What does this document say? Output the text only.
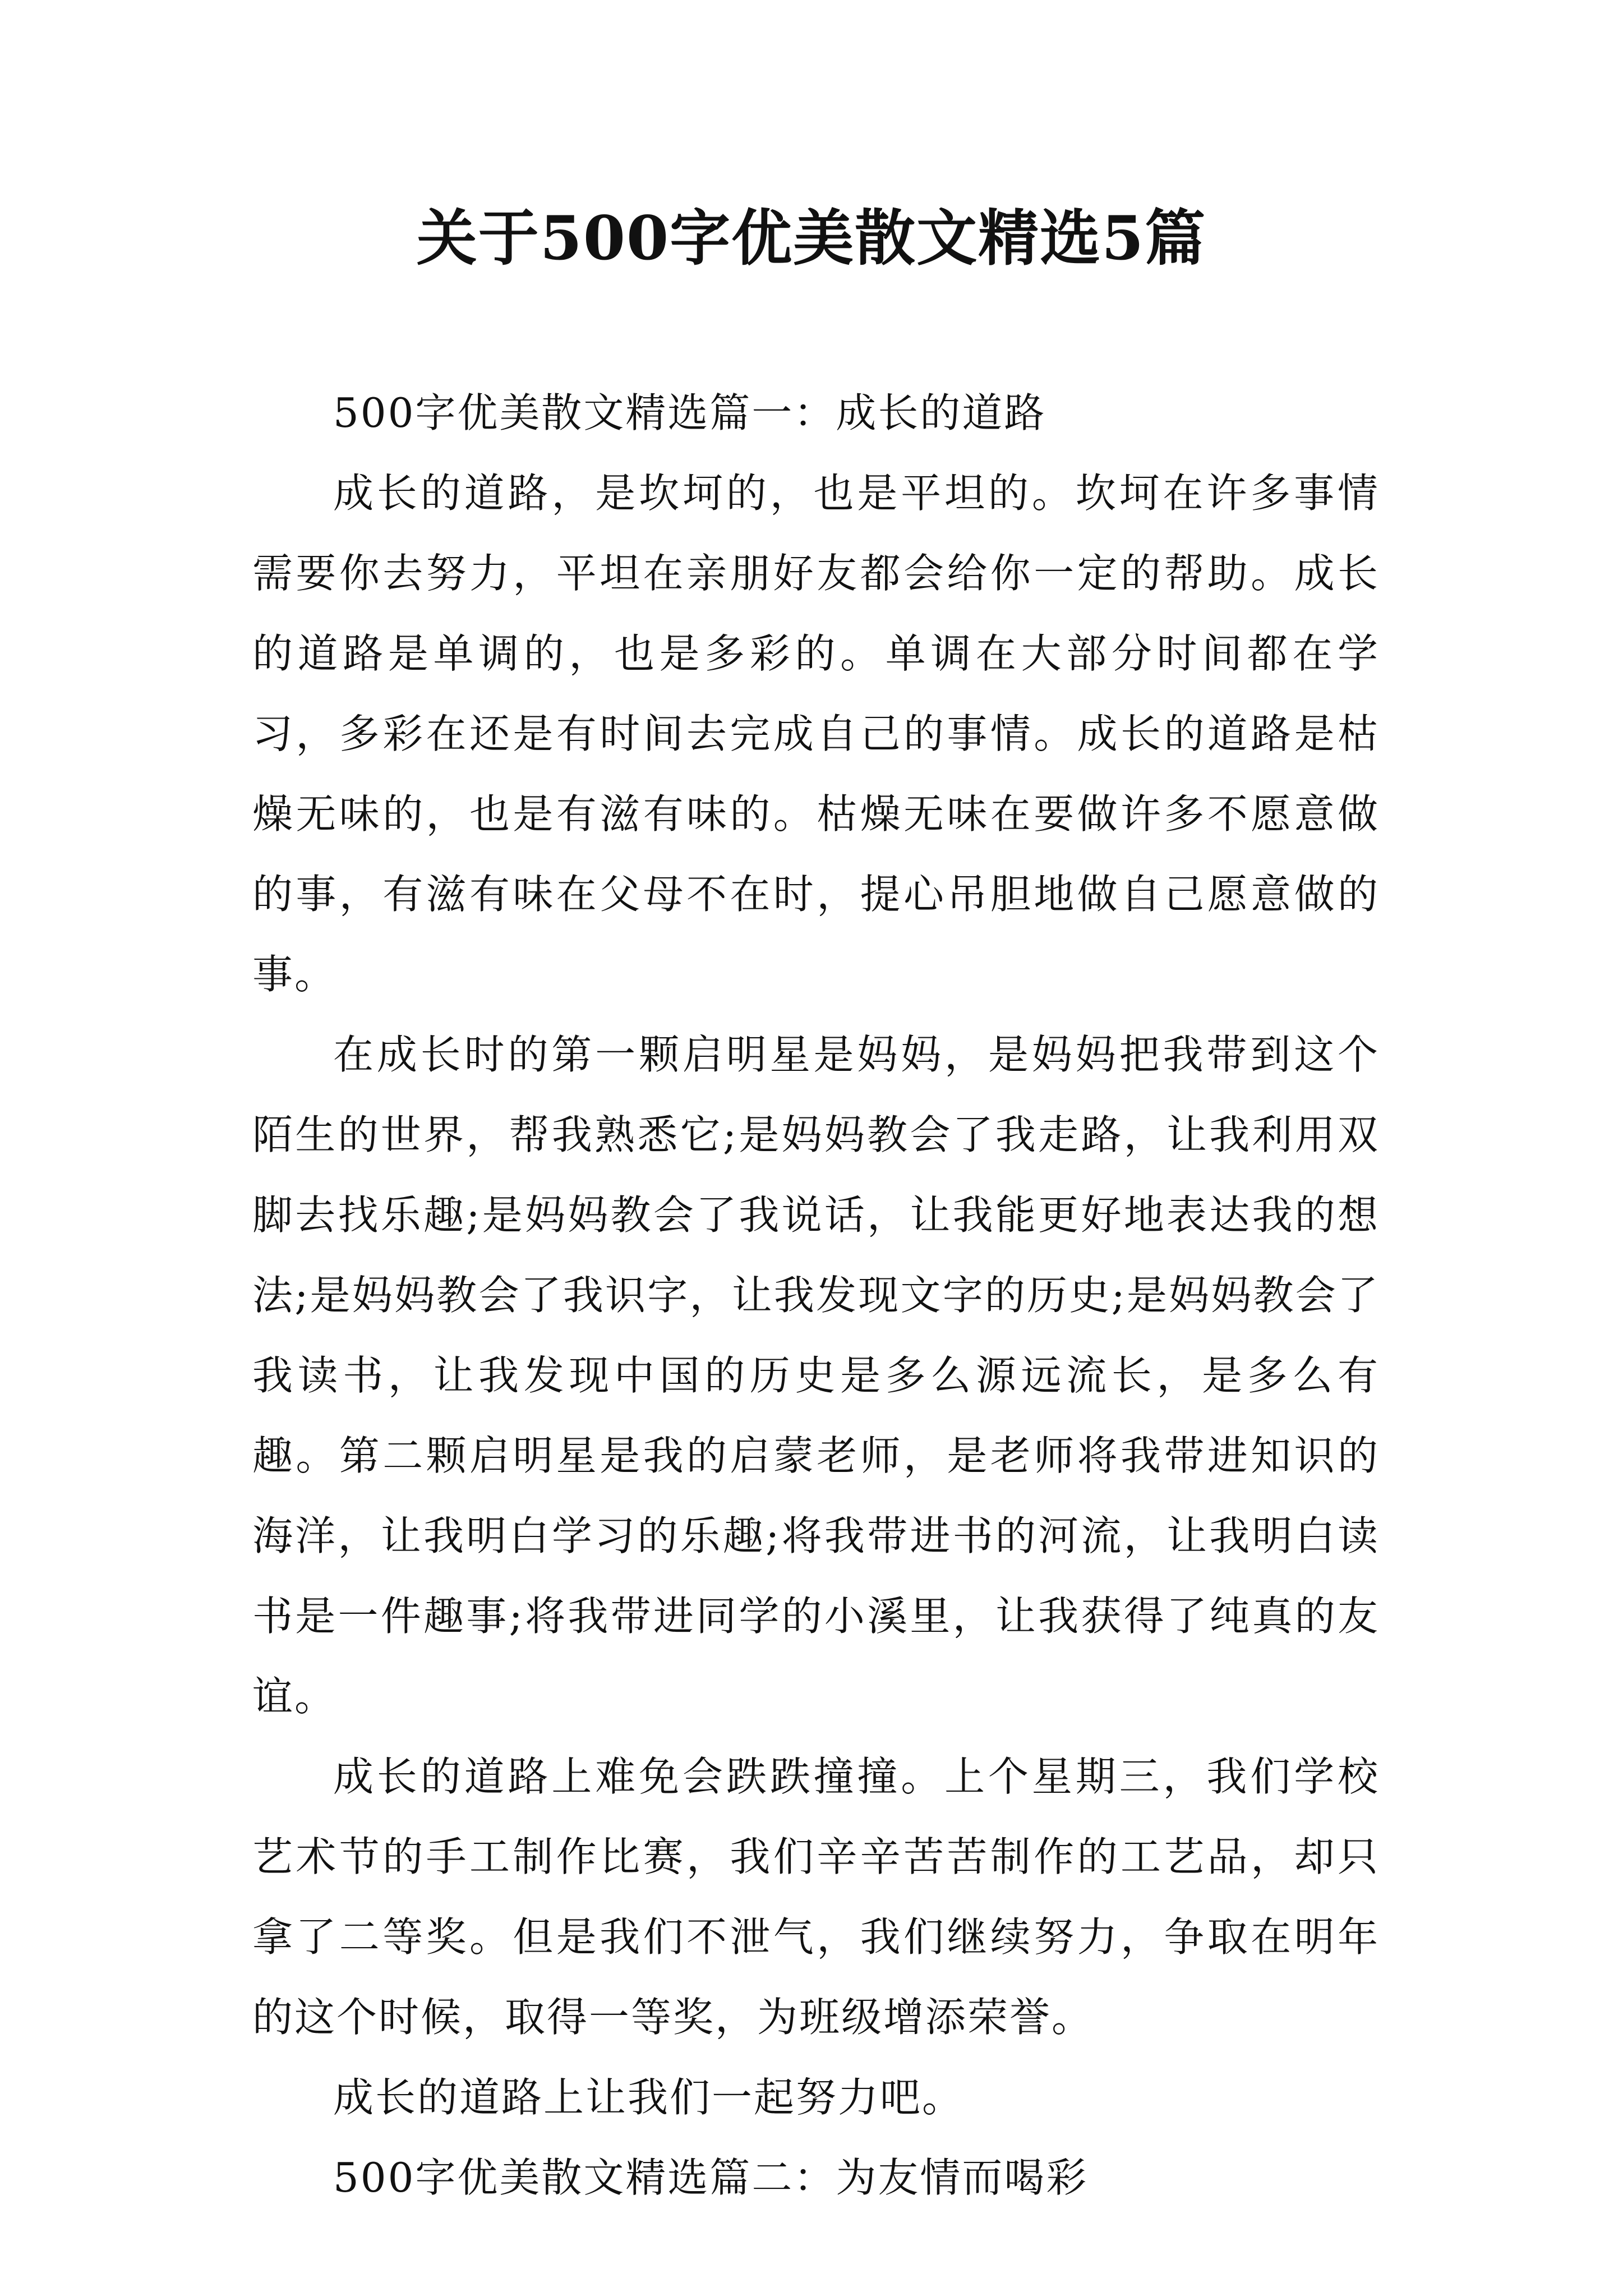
关于500字优美散文精选5篇

500字优美散文精选篇一：成长的道路

成长的道路，是坎坷的，也是平坦的。坎坷在许多事情需要你去努力，平坦在亲朋好友都会给你一定的帮助。成长的道路是单调的，也是多彩的。单调在大部分时间都在学习，多彩在还是有时间去完成自己的事情。成长的道路是枯燥无味的，也是有滋有味的。枯燥无味在要做许多不愿意做的事，有滋有味在父母不在时，提心吊胆地做自己愿意做的事。

在成长时的第一颗启明星是妈妈，是妈妈把我带到这个陌生的世界，帮我熟悉它;是妈妈教会了我走路，让我利用双脚去找乐趣;是妈妈教会了我说话，让我能更好地表达我的想法;是妈妈教会了我识字，让我发现文字的历史;是妈妈教会了我读书，让我发现中国的历史是多么源远流长，是多么有趣。第二颗启明星是我的启蒙老师，是老师将我带进知识的海洋，让我明白学习的乐趣;将我带进书的河流，让我明白读书是一件趣事;将我带进同学的小溪里，让我获得了纯真的友谊。

成长的道路上难免会跌跌撞撞。上个星期三，我们学校艺术节的手工制作比赛，我们辛辛苦苦制作的工艺品，却只拿了二等奖。但是我们不泄气，我们继续努力，争取在明年的这个时候，取得一等奖，为班级增添荣誉。

成长的道路上让我们一起努力吧。

500字优美散文精选篇二：为友情而喝彩
